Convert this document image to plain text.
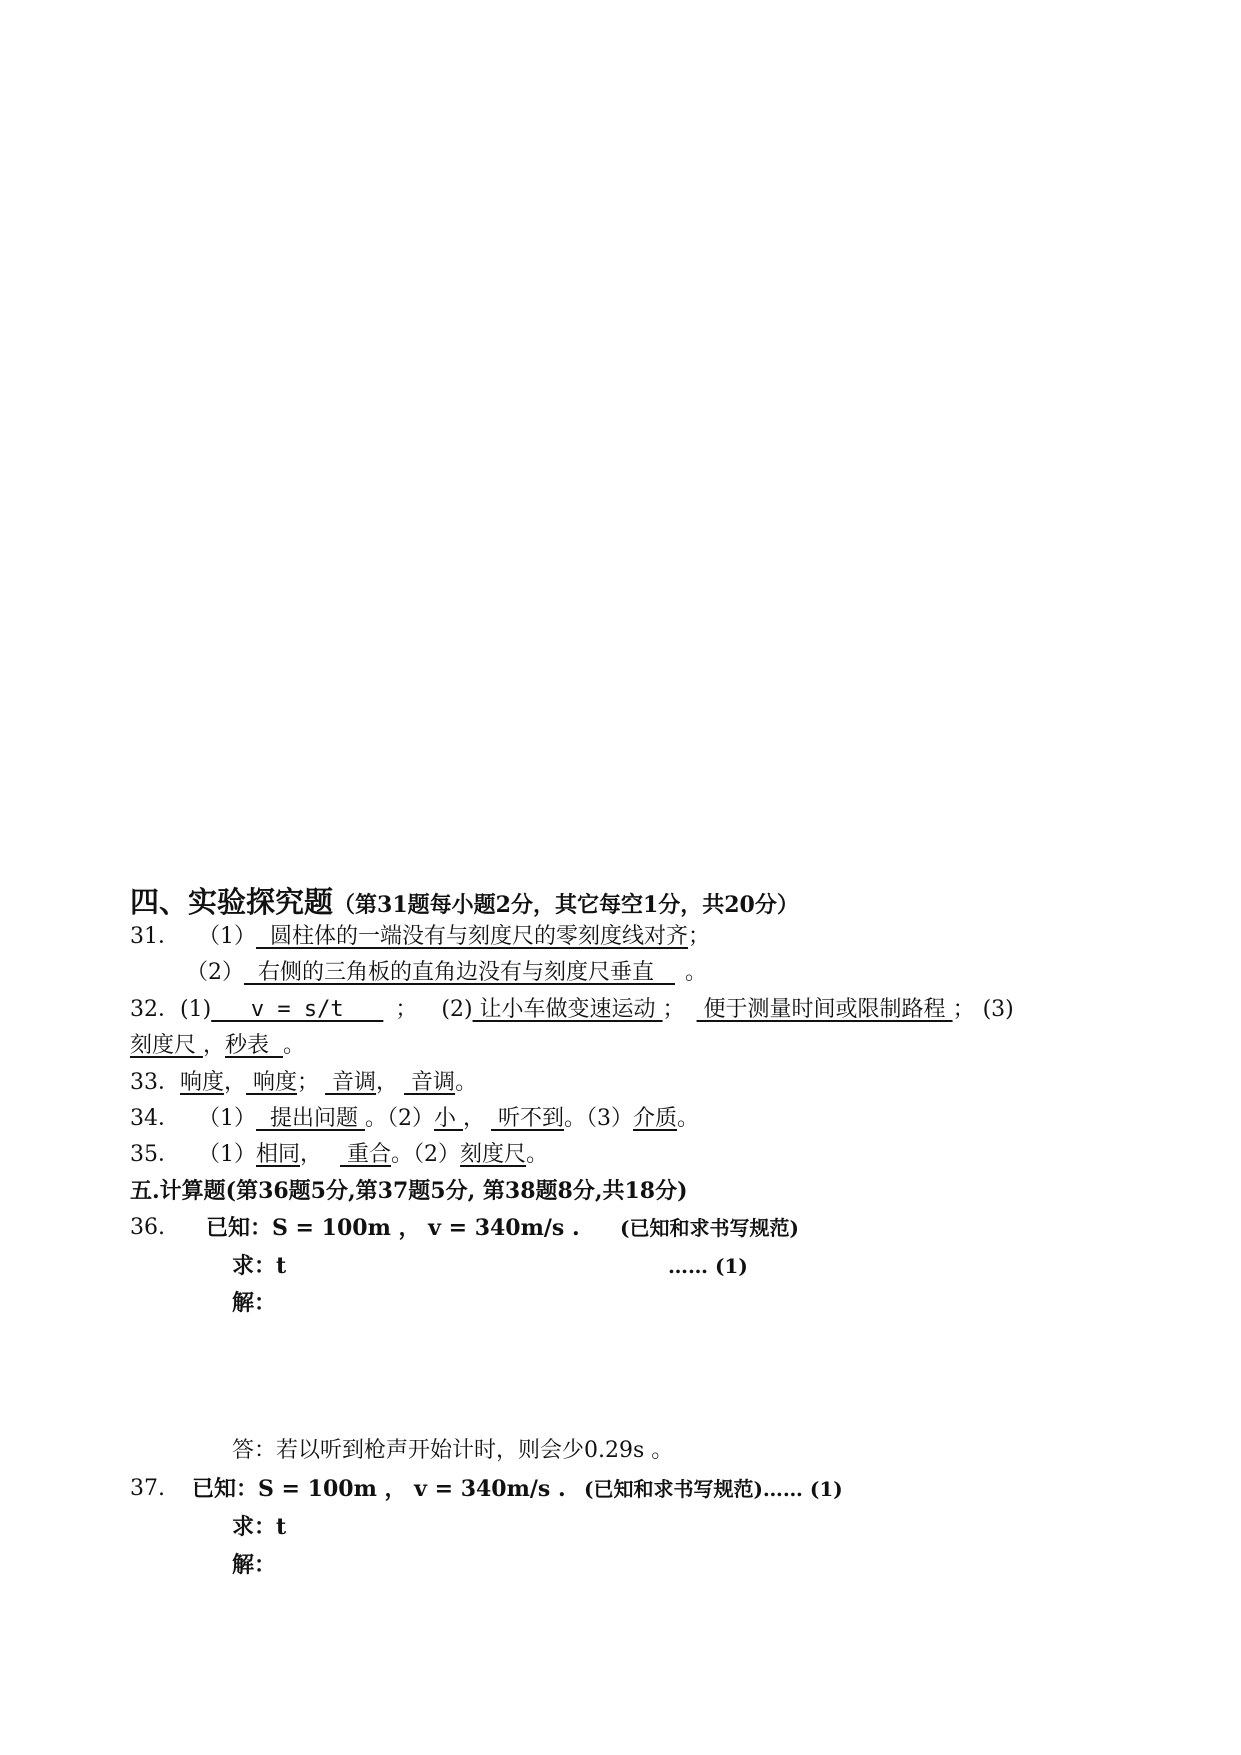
四、实验探究题（第31题每小题2分，其它每空1分，共20分）
31． （1）  圆柱体的一端没有与刻度尺的零刻度线对齐；
（2）  右侧的三角板的直角边没有与刻度尺垂直   。
32．(1)   v = s/t   ； (2) 让小车做变速运动 ； 便于测量时间或限制路程 ； (3)
刻度尺 ，秒表  。
33．响度， 响度； 音调， 音调。
34． （1）  提出问题 。（2）小 ， 听不到。（3）介质。
35． （1）相同， 重合。（2）刻度尺。
五.计算题(第36题5分,第37题5分, 第38题8分,共18分)
36. 已知：S = 100m ， v = 340m/s . (已知和求书写规范)
求：t	…… (1)
解：
答：若以听到枪声开始计时，则会少0.29s 。
37. 已知：S = 100m ， v = 340m/s . (已知和求书写规范)…… (1)
求：t
解：
